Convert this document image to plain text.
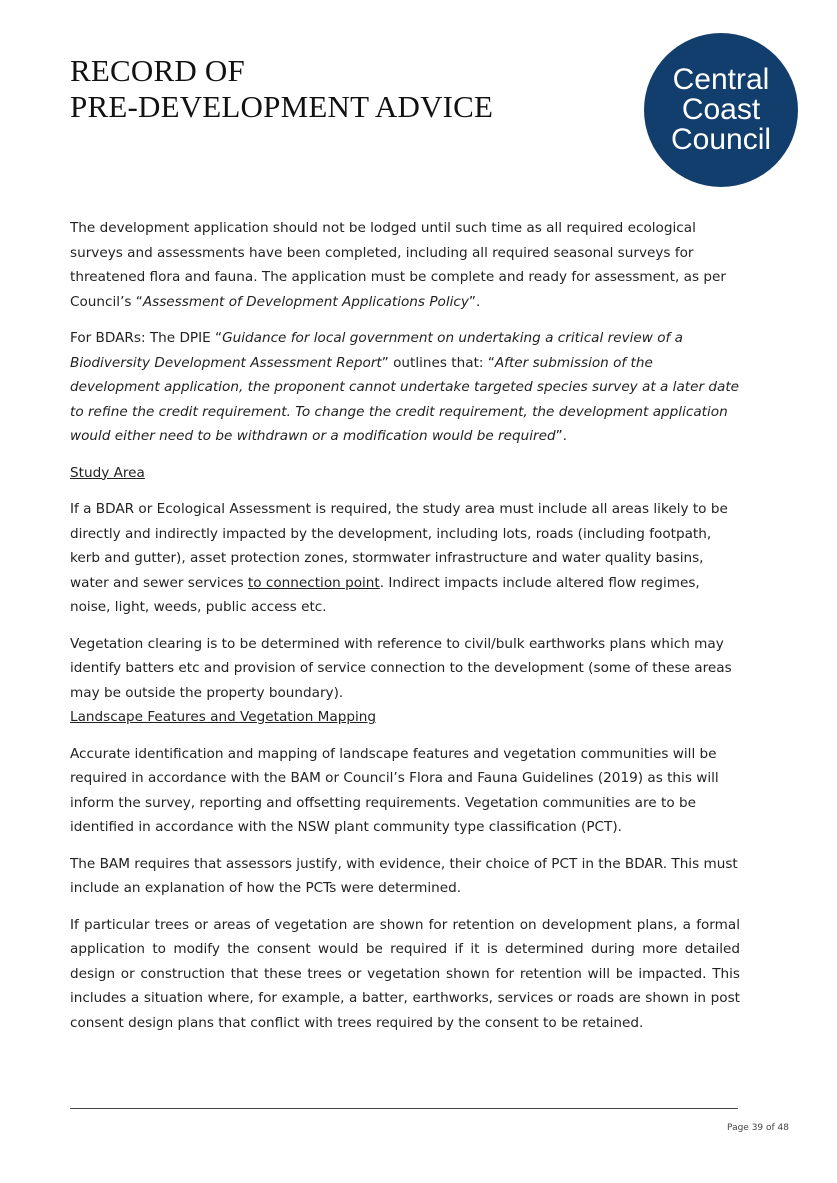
RECORD OF
PRE-DEVELOPMENT ADVICE
Central
Coast
Council

The development application should not be lodged until such time as all required ecological surveys and assessments have been completed, including all required seasonal surveys for threatened flora and fauna. The application must be complete and ready for assessment, as per Council’s “Assessment of Development Applications Policy”.

For BDARs: The DPIE “Guidance for local government on undertaking a critical review of a Biodiversity Development Assessment Report” outlines that: “After submission of the development application, the proponent cannot undertake targeted species survey at a later date to refine the credit requirement. To change the credit requirement, the development application would either need to be withdrawn or a modification would be required”.

Study Area

If a BDAR or Ecological Assessment is required, the study area must include all areas likely to be directly and indirectly impacted by the development, including lots, roads (including footpath, kerb and gutter), asset protection zones, stormwater infrastructure and water quality basins, water and sewer services to connection point. Indirect impacts include altered flow regimes, noise, light, weeds, public access etc.

Vegetation clearing is to be determined with reference to civil/bulk earthworks plans which may identify batters etc and provision of service connection to the development (some of these areas may be outside the property boundary).

Landscape Features and Vegetation Mapping

Accurate identification and mapping of landscape features and vegetation communities will be required in accordance with the BAM or Council’s Flora and Fauna Guidelines (2019) as this will inform the survey, reporting and offsetting requirements. Vegetation communities are to be identified in accordance with the NSW plant community type classification (PCT).

The BAM requires that assessors justify, with evidence, their choice of PCT in the BDAR. This must include an explanation of how the PCTs were determined.

If particular trees or areas of vegetation are shown for retention on development plans, a formal application to modify the consent would be required if it is determined during more detailed design or construction that these trees or vegetation shown for retention will be impacted. This includes a situation where, for example, a batter, earthworks, services or roads are shown in post consent design plans that conflict with trees required by the consent to be retained.

Page 39 of 48
